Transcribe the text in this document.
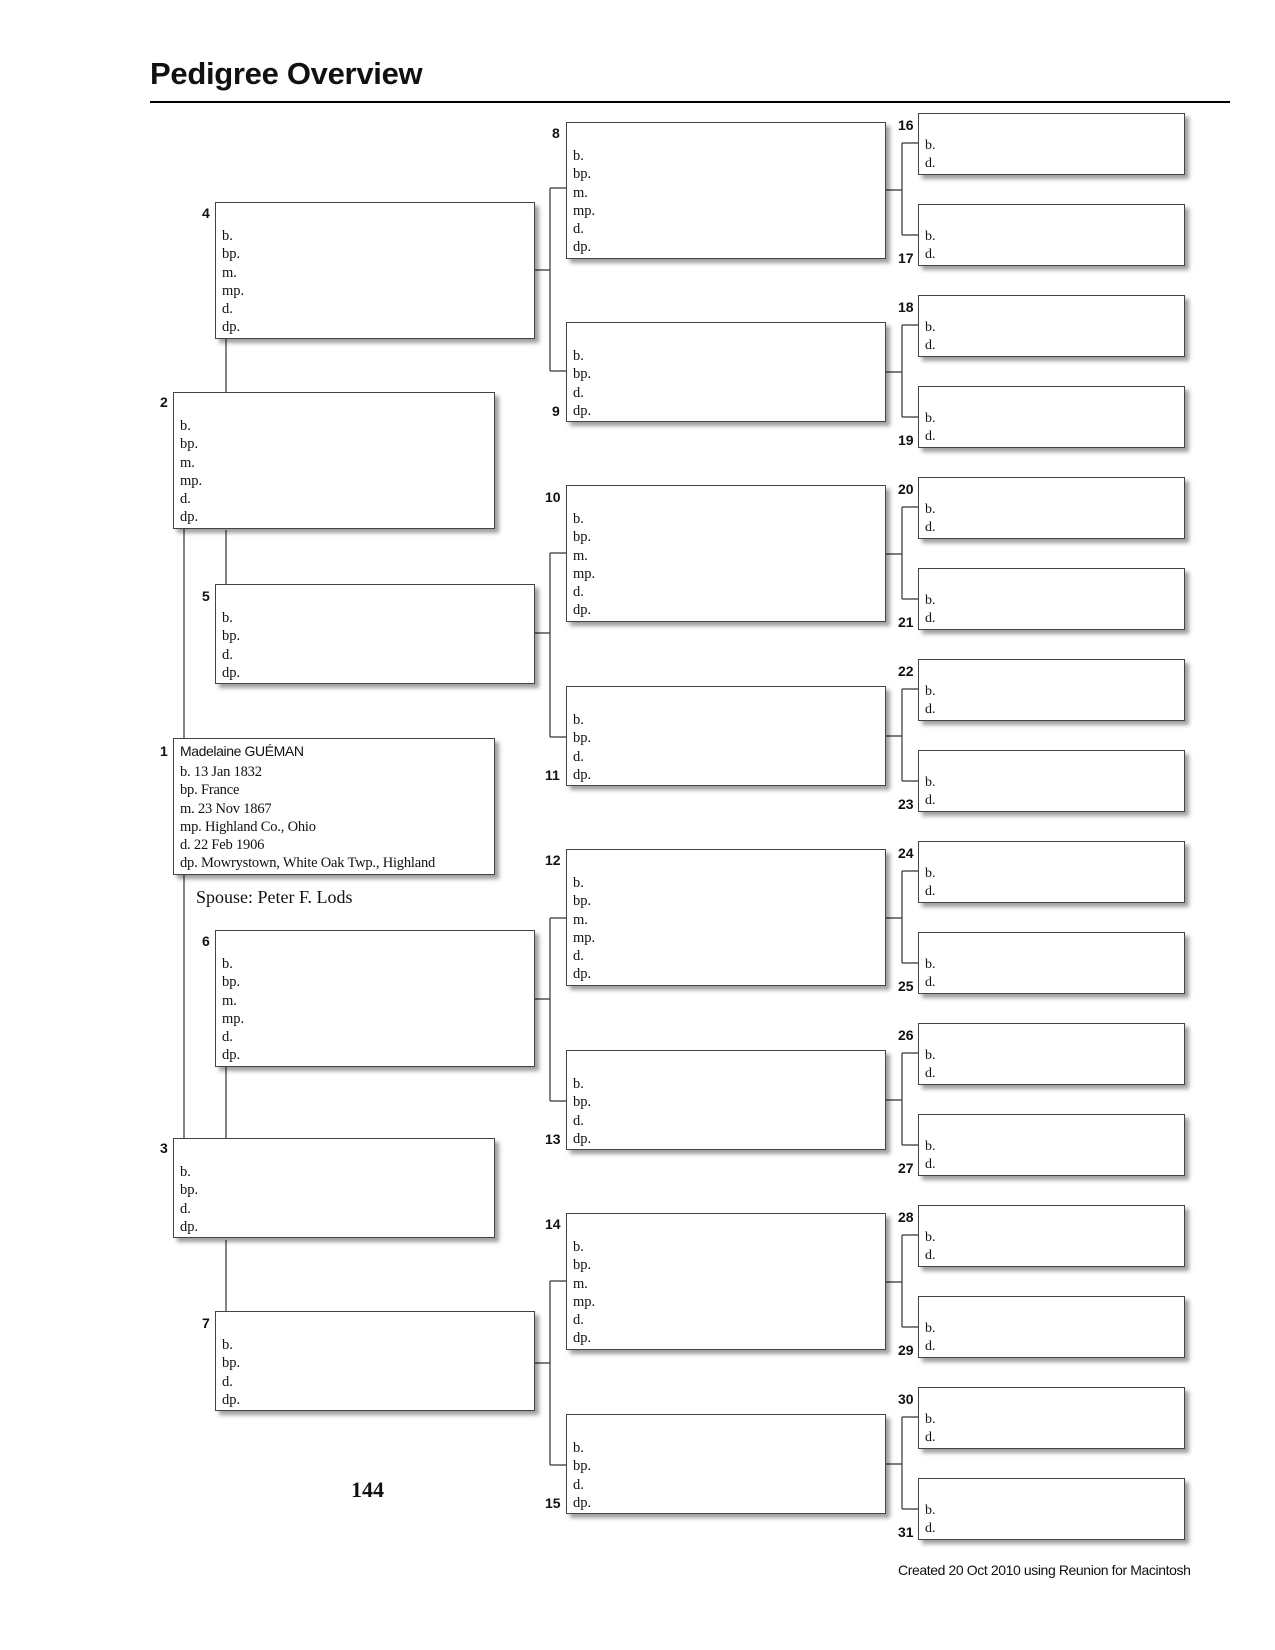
Pedigree Overview
1 Madelaine GUÉMAN
b. 13 Jan 1832
bp. France
m. 23 Nov 1867
mp. Highland Co., Ohio
d. 22 Feb 1906
dp. Mowrystown, White Oak Twp., Highland
Spouse: Peter F. Lods
2
b.
bp.
m.
mp.
d.
dp.
3
b.
bp.
d.
dp.
4
b.
bp.
m.
mp.
d.
dp.
5
b.
bp.
d.
dp.
6
b.
bp.
m.
mp.
d.
dp.
7
b.
bp.
d.
dp.
8
b.
bp.
m.
mp.
d.
dp.
9
b.
bp.
d.
dp.
10
b.
bp.
m.
mp.
d.
dp.
11
b.
bp.
d.
dp.
12
b.
bp.
m.
mp.
d.
dp.
13
b.
bp.
d.
dp.
14
b.
bp.
m.
mp.
d.
dp.
15
b.
bp.
d.
dp.
16
b.
d.
17
b.
d.
18
b.
d.
19
b.
d.
20
b.
d.
21
b.
d.
22
b.
d.
23
b.
d.
24
b.
d.
25
b.
d.
26
b.
d.
27
b.
d.
28
b.
d.
29
b.
d.
30
b.
d.
31
b.
d.
144
Created 20 Oct 2010 using Reunion for Macintosh
